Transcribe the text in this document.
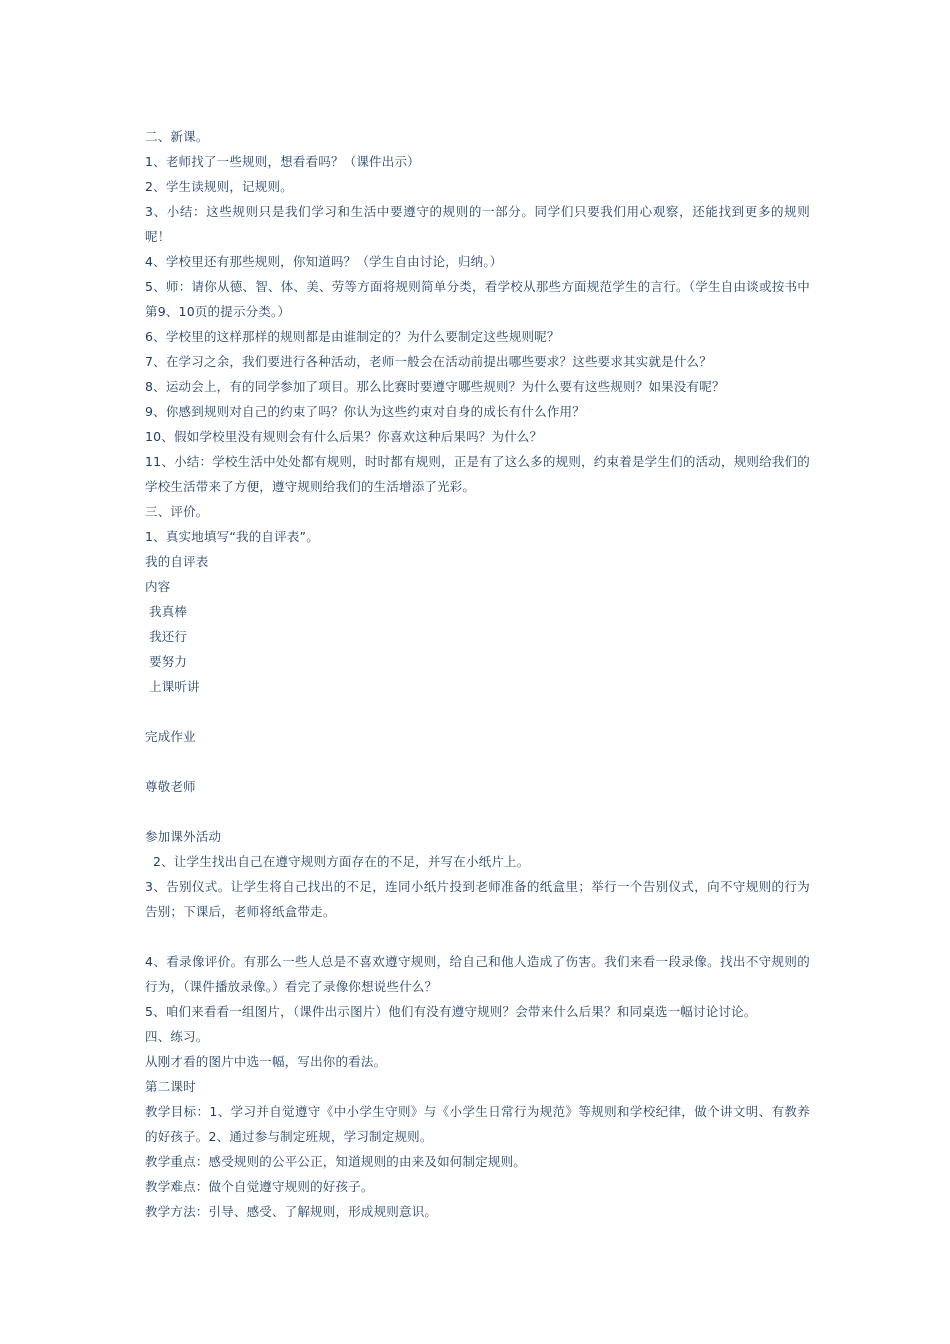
二、新课。
1、老师找了一些规则，想看看吗？（课件出示）
2、学生读规则，记规则。
3、小结：这些规则只是我们学习和生活中要遵守的规则的一部分。同学们只要我们用心观察，还能找到更多的规则呢！
4、学校里还有那些规则，你知道吗？（学生自由讨论，归纳。）
5、师：请你从德、智、体、美、劳等方面将规则简单分类，看学校从那些方面规范学生的言行。（学生自由谈或按书中第9、10页的提示分类。）
6、学校里的这样那样的规则都是由谁制定的？为什么要制定这些规则呢？
7、在学习之余，我们要进行各种活动，老师一般会在活动前提出哪些要求？这些要求其实就是什么？
8、运动会上，有的同学参加了项目。那么比赛时要遵守哪些规则？为什么要有这些规则？如果没有呢？
9、你感到规则对自己的约束了吗？你认为这些约束对自身的成长有什么作用？
10、假如学校里没有规则会有什么后果？你喜欢这种后果吗？为什么？
11、小结：学校生活中处处都有规则，时时都有规则，正是有了这么多的规则，约束着是学生们的活动，规则给我们的学校生活带来了方便，遵守规则给我们的生活增添了光彩。
三、评价。
1、真实地填写“我的自评表”。
我的自评表
内容
我真棒
我还行
要努力
上课听讲
完成作业
尊敬老师
参加课外活动
2、让学生找出自己在遵守规则方面存在的不足，并写在小纸片上。
3、告别仪式。让学生将自己找出的不足，连同小纸片投到老师准备的纸盒里；举行一个告别仪式，向不守规则的行为告别；下课后，老师将纸盒带走。
4、看录像评价。有那么一些人总是不喜欢遵守规则，给自己和他人造成了伤害。我们来看一段录像。找出不守规则的行为，（课件播放录像。）看完了录像你想说些什么？
5、咱们来看看一组图片，（课件出示图片）他们有没有遵守规则？会带来什么后果？和同桌选一幅讨论讨论。
四、练习。
从刚才看的图片中选一幅，写出你的看法。
第二课时
教学目标：1、学习并自觉遵守《中小学生守则》与《小学生日常行为规范》等规则和学校纪律，做个讲文明、有教养的好孩子。2、通过参与制定班规，学习制定规则。
教学重点：感受规则的公平公正，知道规则的由来及如何制定规则。
教学难点：做个自觉遵守规则的好孩子。
教学方法：引导、感受、了解规则，形成规则意识。
